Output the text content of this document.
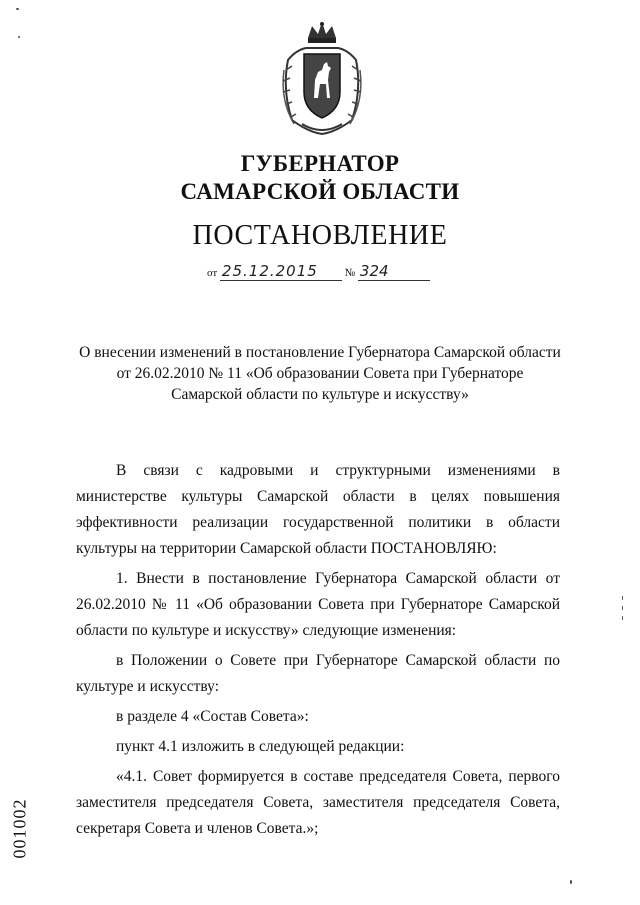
ГУБЕРНАТОР
САМАРСКОЙ ОБЛАСТИ
ПОСТАНОВЛЕНИЕ
от 25.12.2015 № 324
О внесении изменений в постановление Губернатора Самарской области
от 26.02.2010 № 11 «Об образовании Совета при Губернаторе
Самарской области по культуре и искусству»

В связи с кадровыми и структурными изменениями в министерстве культуры Самарской области в целях повышения эффективности реализации государственной политики в области культуры на территории Самарской области ПОСТАНОВЛЯЮ:

1. Внести в постановление Губернатора Самарской области от 26.02.2010 № 11 «Об образовании Совета при Губернаторе Самарской области по культуре и искусству» следующие изменения:

в Положении о Совете при Губернаторе Самарской области по культуре и искусству:

в разделе 4 «Состав Совета»:

пункт 4.1 изложить в следующей редакции:

«4.1. Совет формируется в составе председателя Совета, первого заместителя председателя Совета, заместителя председателя Совета, секретаря Совета и членов Совета.»;

001002
